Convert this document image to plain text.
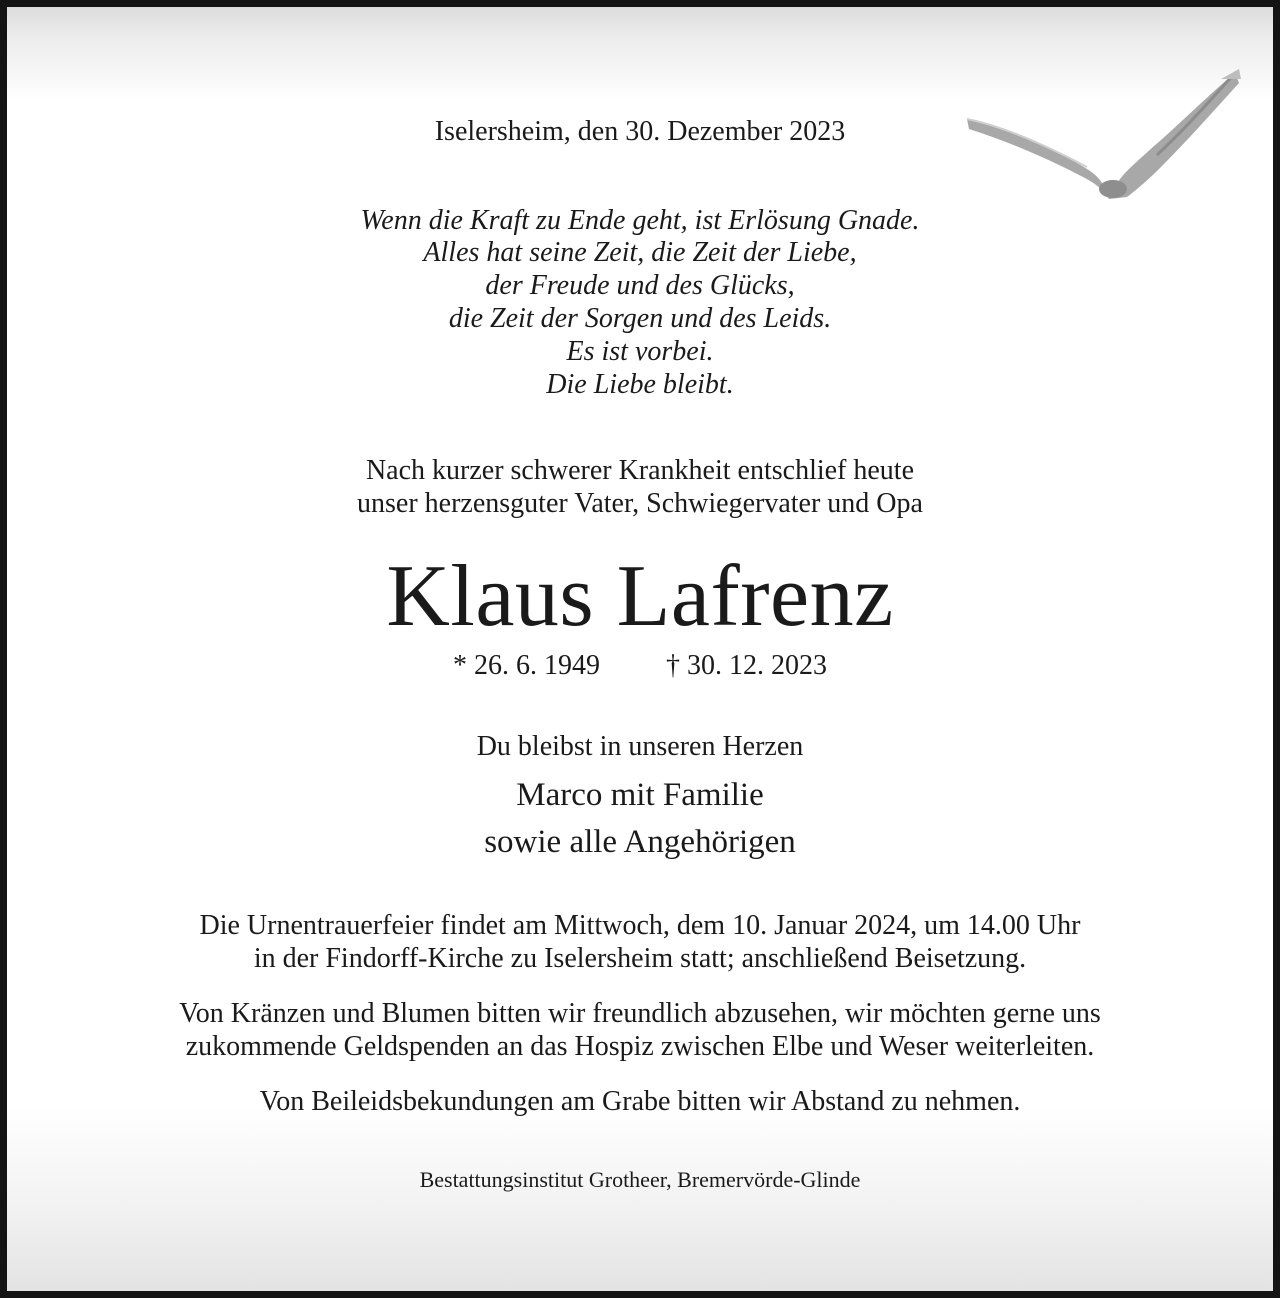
Iselersheim, den 30. Dezember 2023
Wenn die Kraft zu Ende geht, ist Erlösung Gnade.
Alles hat seine Zeit, die Zeit der Liebe,
der Freude und des Glücks,
die Zeit der Sorgen und des Leids.
Es ist vorbei.
Die Liebe bleibt.
Nach kurzer schwerer Krankheit entschlief heute
unser herzensguter Vater, Schwiegervater und Opa
Klaus Lafrenz
* 26. 6. 1949 † 30. 12. 2023
Du bleibst in unseren Herzen
Marco mit Familie
sowie alle Angehörigen
Die Urnentrauerfeier findet am Mittwoch, dem 10. Januar 2024, um 14.00 Uhr
in der Findorff-Kirche zu Iselersheim statt; anschließend Beisetzung.
Von Kränzen und Blumen bitten wir freundlich abzusehen, wir möchten gerne uns
zukommende Geldspenden an das Hospiz zwischen Elbe und Weser weiterleiten.
Von Beileidsbekundungen am Grabe bitten wir Abstand zu nehmen.
Bestattungsinstitut Grotheer, Bremervörde-Glinde
